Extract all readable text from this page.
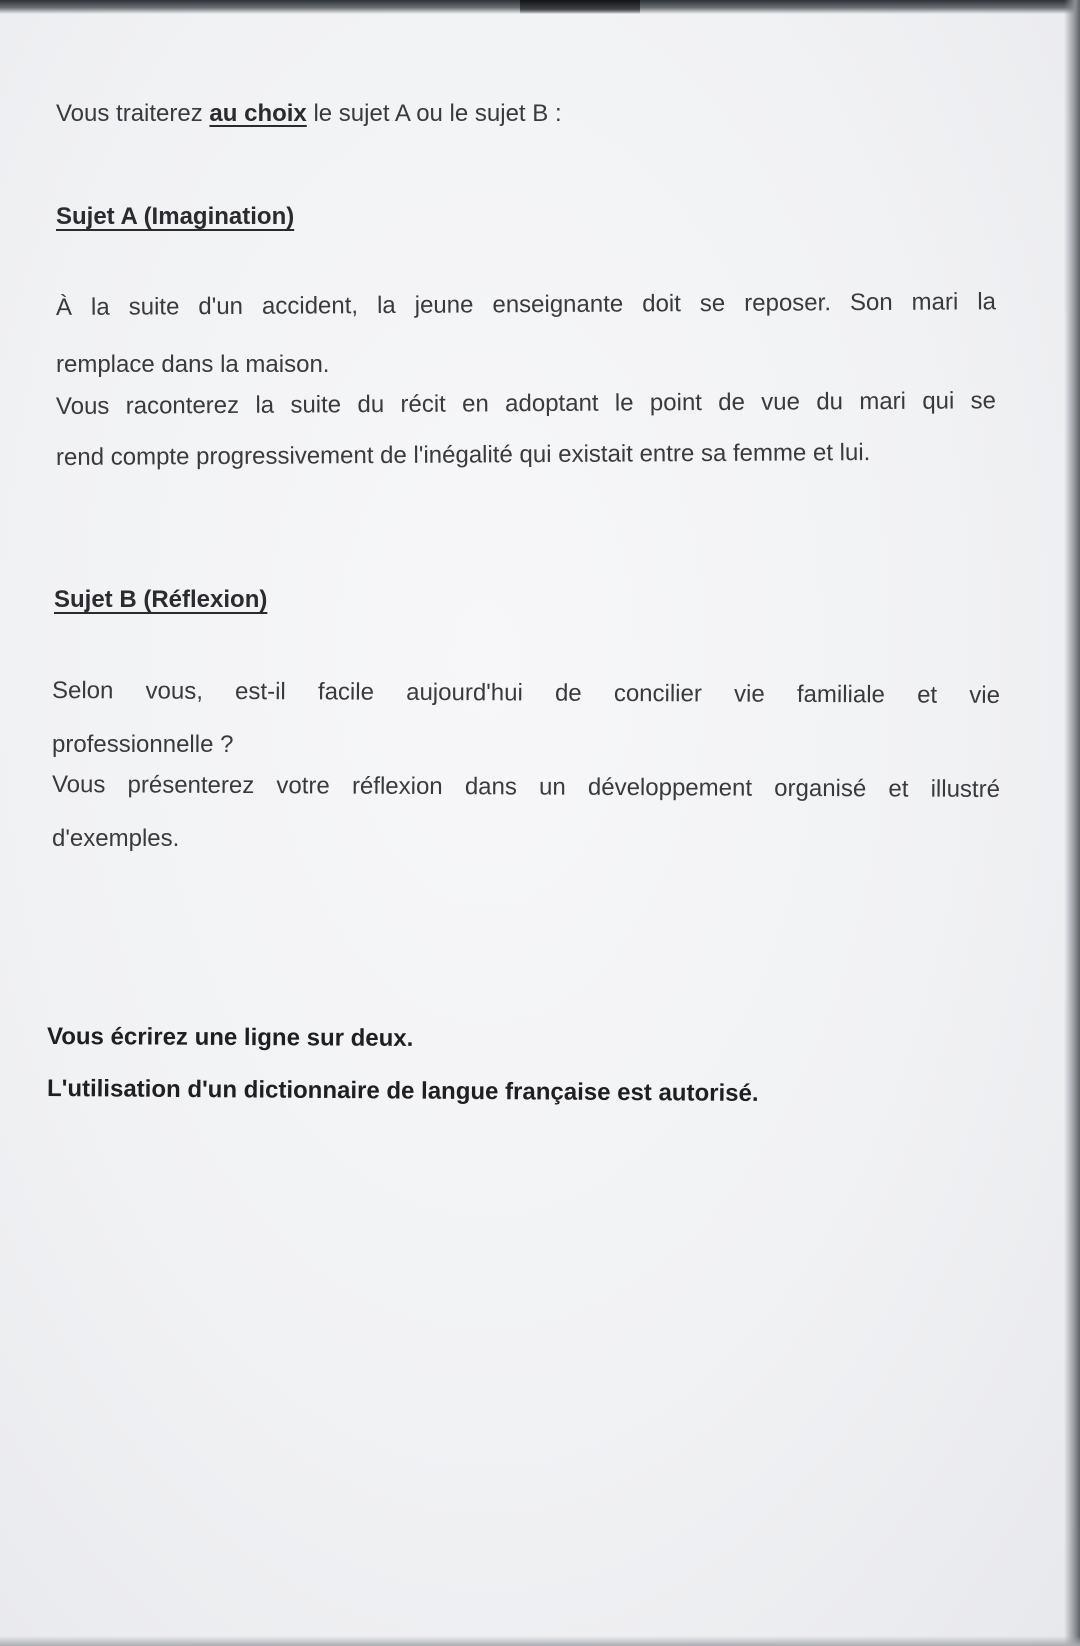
Vous traiterez au choix le sujet A ou le sujet B :
Sujet A (Imagination)
À la suite d'un accident, la jeune enseignante doit se reposer. Son mari la
remplace dans la maison.
Vous raconterez la suite du récit en adoptant le point de vue du mari qui se
rend compte progressivement de l'inégalité qui existait entre sa femme et lui.
Sujet B (Réflexion)
Selon vous, est-il facile aujourd'hui de concilier vie familiale et vie
professionnelle ?
Vous présenterez votre réflexion dans un développement organisé et illustré
d'exemples.
Vous écrirez une ligne sur deux.
L'utilisation d'un dictionnaire de langue française est autorisé.
